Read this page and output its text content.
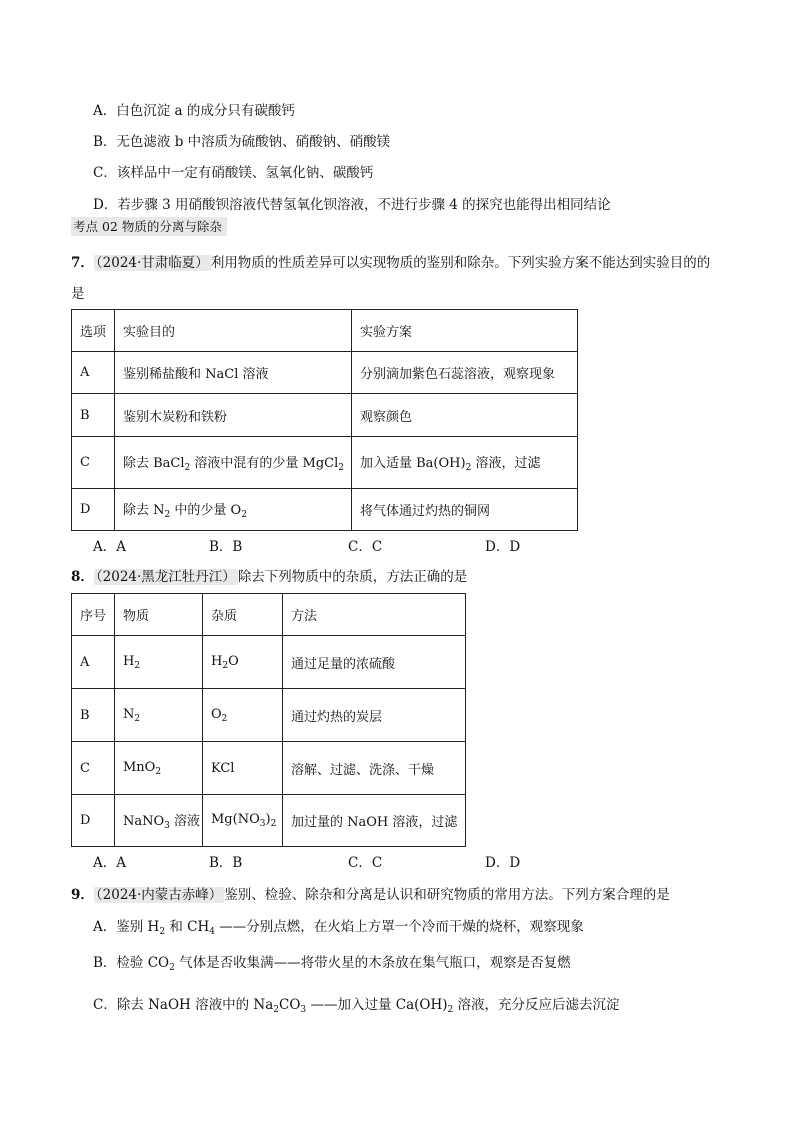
A．白色沉淀 a 的成分只有碳酸钙
B．无色滤液 b 中溶质为硫酸钠、硝酸钠、硝酸镁
C．该样品中一定有硝酸镁、氢氧化钠、碳酸钙
D．若步骤 3 用硝酸钡溶液代替氢氧化钡溶液，不进行步骤 4 的探究也能得出相同结论
考点 02 物质的分离与除杂
7． （2024·甘肃临夏） 利用物质的性质差异可以实现物质的鉴别和除杂。下列实验方案不能达到实验目的的
是
选项	实验目的	实验方案
A	鉴别稀盐酸和 NaCl 溶液	分别滴加紫色石蕊溶液，观察现象
B	鉴别木炭粉和铁粉	观察颜色
C	除去 BaCl$_2$ 溶液中混有的少量 MgCl$_2$	加入适量 $Ba(OH)_2$ 溶液，过滤
D	除去 $N_2$ 中的少量 $O_2$	将气体通过灼热的铜网
A．A	B．B	C．C	D．D
8． （2024·黑龙江牡丹江） 除去下列物质中的杂质，方法正确的是
序号	物质	杂质	方法
A	$H_2$	$H_2O$	通过足量的浓硫酸
B	$N_2$	$O_2$	通过灼热的炭层
C	MnO$_2$	KCl	溶解、过滤、洗涤、干燥
D	NaNO$_3$ 溶液	$Mg(NO_3)_2$	加过量的 NaOH 溶液，过滤
A．A	B．B	C．C	D．D
9． （2024·内蒙古赤峰） 鉴别、检验、除杂和分离是认识和研究物质的常用方法。下列方案合理的是
A．鉴别 $H_2$ 和 $CH_4$ ——分别点燃，在火焰上方罩一个冷而干燥的烧杯，观察现象
B．检验 $CO_2$ 气体是否收集满——将带火星的木条放在集气瓶口，观察是否复燃
C．除去 NaOH 溶液中的 $Na_2CO_3$ ——加入过量 $Ca(OH)_2$ 溶液，充分反应后滤去沉淀
